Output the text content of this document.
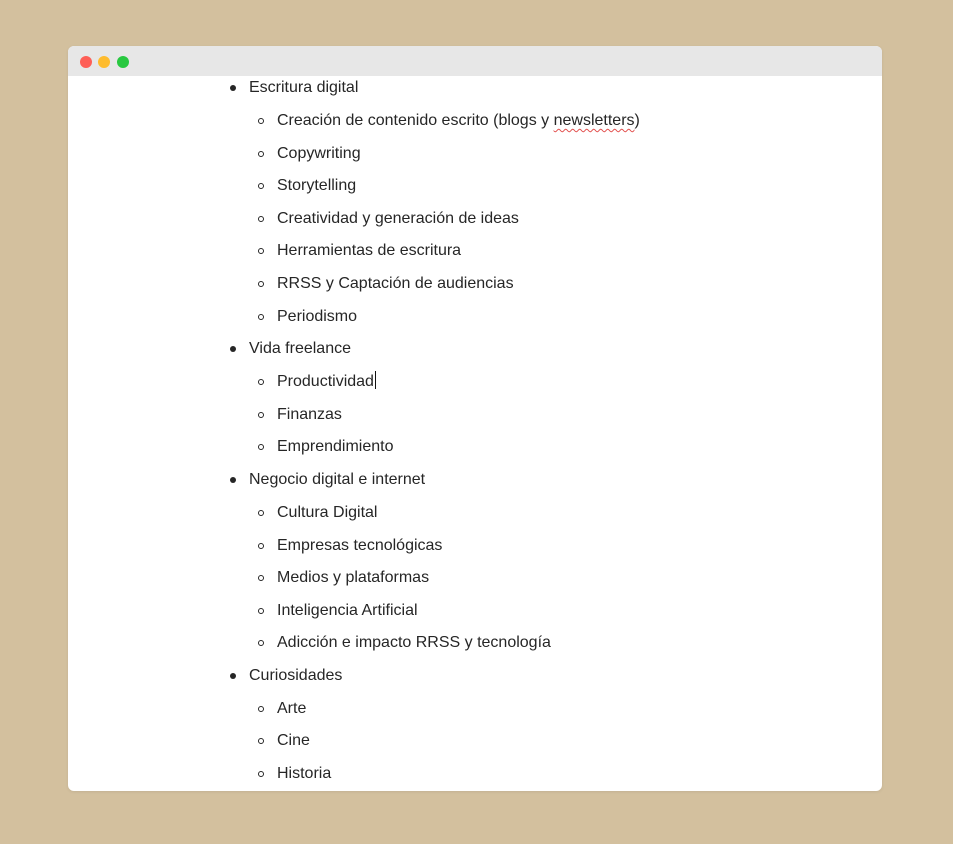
Escritura digital
Creación de contenido escrito (blogs y newsletters)
Copywriting
Storytelling
Creatividad y generación de ideas
Herramientas de escritura
RRSS y Captación de audiencias
Periodismo
Vida freelance
Productividad
Finanzas
Emprendimiento
Negocio digital e internet
Cultura Digital
Empresas tecnológicas
Medios y plataformas
Inteligencia Artificial
Adicción e impacto RRSS y tecnología
Curiosidades
Arte
Cine
Historia
